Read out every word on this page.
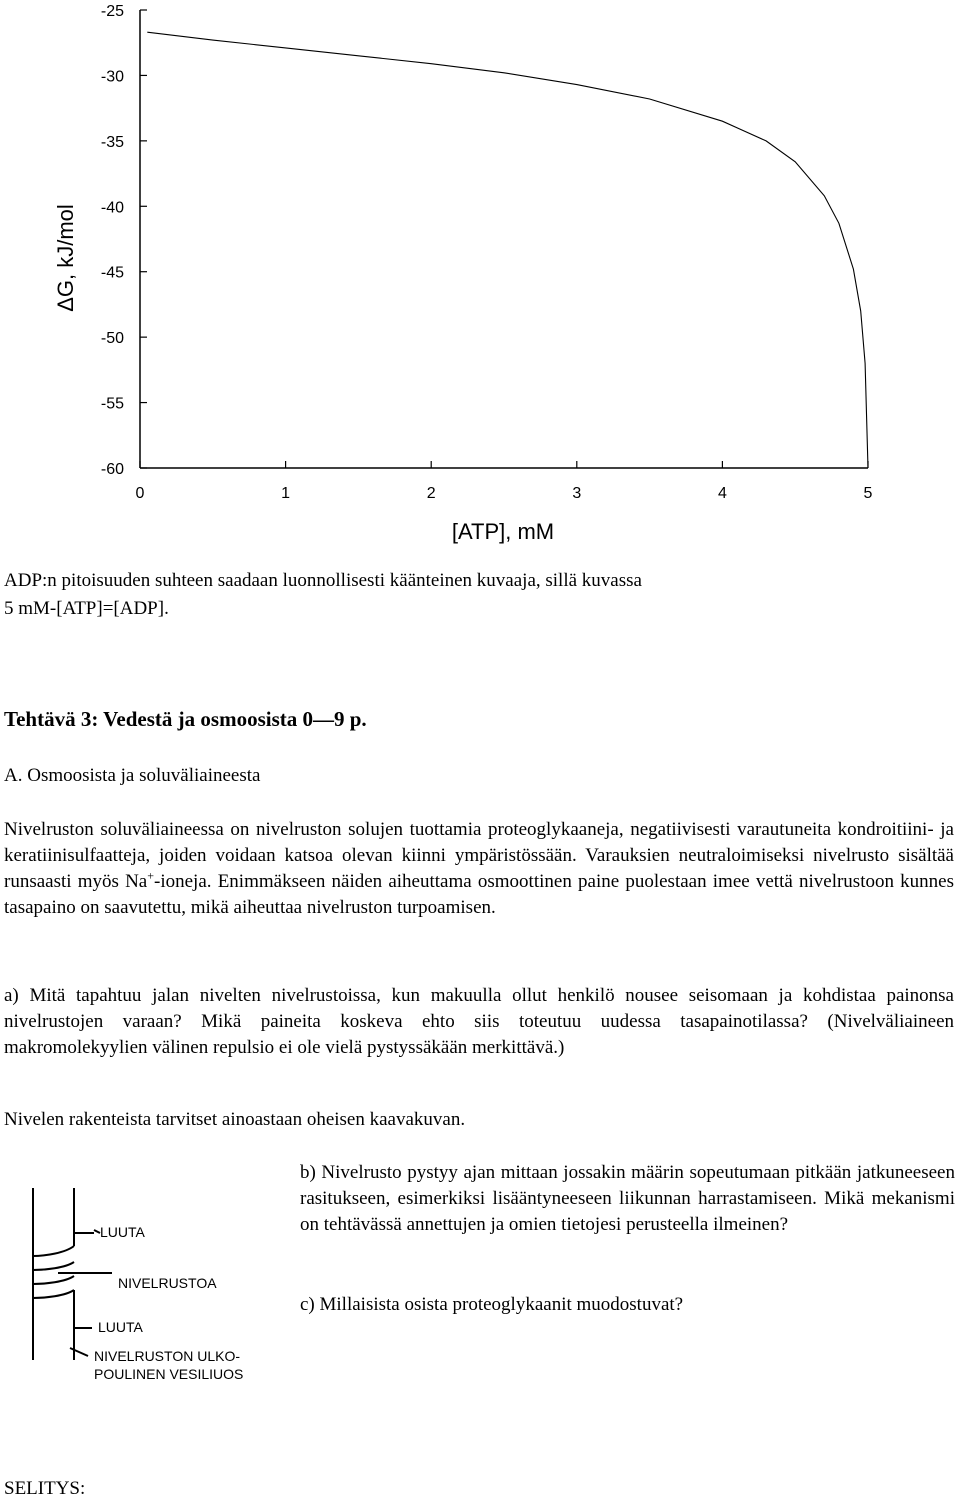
-25
-30
-35
-40
-45
-50
-55
-60
0	1	2	3	4	5
ΔG, kJ/mol
[ATP], mM

ADP:n pitoisuuden suhteen saadaan luonnollisesti käänteinen kuvaaja, sillä kuvassa

5 mM-[ATP]=[ADP].

Tehtävä 3: Vedestä ja osmoosista 0—9 p.

A. Osmoosista ja soluväliaineesta

Nivelruston soluväliaineessa on nivelruston solujen tuottamia proteoglykaaneja, negatiivisesti varautuneita kondroitiini- ja keratiinisulfaatteja, joiden voidaan katsoa olevan kiinni ympäristössään. Varauksien neutraloimiseksi nivelrusto sisältää runsaasti myös Na+-ioneja. Enimmäkseen näiden aiheuttama osmoottinen paine puolestaan imee vettä nivelrustoon kunnes tasapaino on saavutettu, mikä aiheuttaa nivelruston turpoamisen.

a) Mitä tapahtuu jalan nivelten nivelrustoissa, kun makuulla ollut henkilö nousee seisomaan ja kohdistaa painonsa nivelrustojen varaan? Mikä paineita koskeva ehto siis toteutuu uudessa tasapainotilassa? (Nivelväliaineen makromolekyylien välinen repulsio ei ole vielä pystyssäkään merkittävä.)

Nivelen rakenteista tarvitset ainoastaan oheisen kaavakuvan.

b) Nivelrusto pystyy ajan mittaan jossakin määrin sopeutumaan pitkään jatkuneeseen rasitukseen, esimerkiksi lisääntyneeseen liikunnan harrastamiseen. Mikä mekanismi on tehtävässä annettujen ja omien tietojesi perusteella ilmeinen?

c) Millaisista osista proteoglykaanit muodostuvat?

SELITYS:

LUUTA
NIVELRUSTOA
LUUTA
NIVELRUSTON ULKO-
POULINEN VESILIUOS
